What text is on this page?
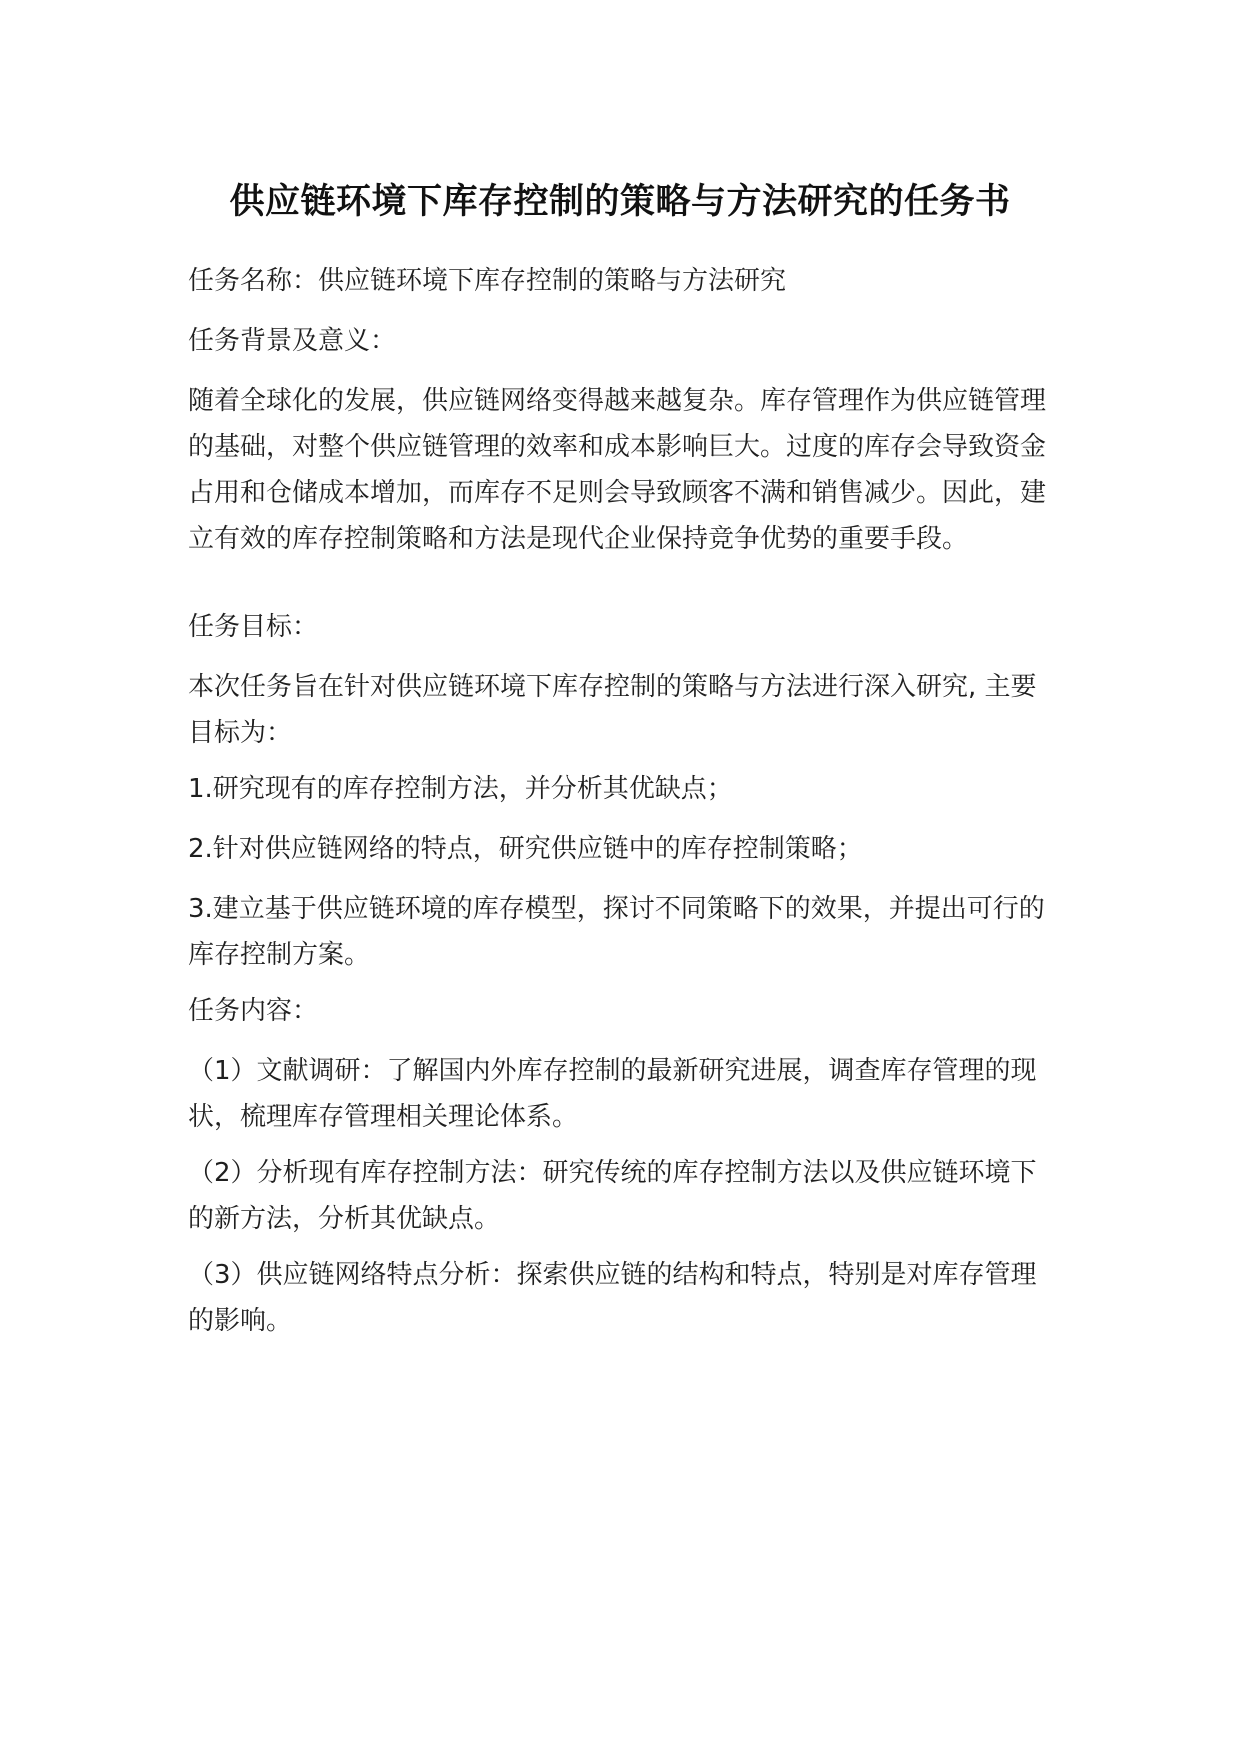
供应链环境下库存控制的策略与方法研究的任务书
任务名称：供应链环境下库存控制的策略与方法研究
任务背景及意义：
随着全球化的发展，供应链网络变得越来越复杂。库存管理作为供应链管理的基础，对整个供应链管理的效率和成本影响巨大。过度的库存会导致资金占用和仓储成本增加，而库存不足则会导致顾客不满和销售减少。因此，建立有效的库存控制策略和方法是现代企业保持竞争优势的重要手段。
任务目标：
本次任务旨在针对供应链环境下库存控制的策略与方法进行深入研究, 主要目标为：
1.研究现有的库存控制方法，并分析其优缺点；
2.针对供应链网络的特点，研究供应链中的库存控制策略；
3.建立基于供应链环境的库存模型，探讨不同策略下的效果，并提出可行的库存控制方案。
任务内容：
（1）文献调研：了解国内外库存控制的最新研究进展，调查库存管理的现状，梳理库存管理相关理论体系。
（2）分析现有库存控制方法：研究传统的库存控制方法以及供应链环境下的新方法，分析其优缺点。
（3）供应链网络特点分析：探索供应链的结构和特点，特别是对库存管理的影响。
